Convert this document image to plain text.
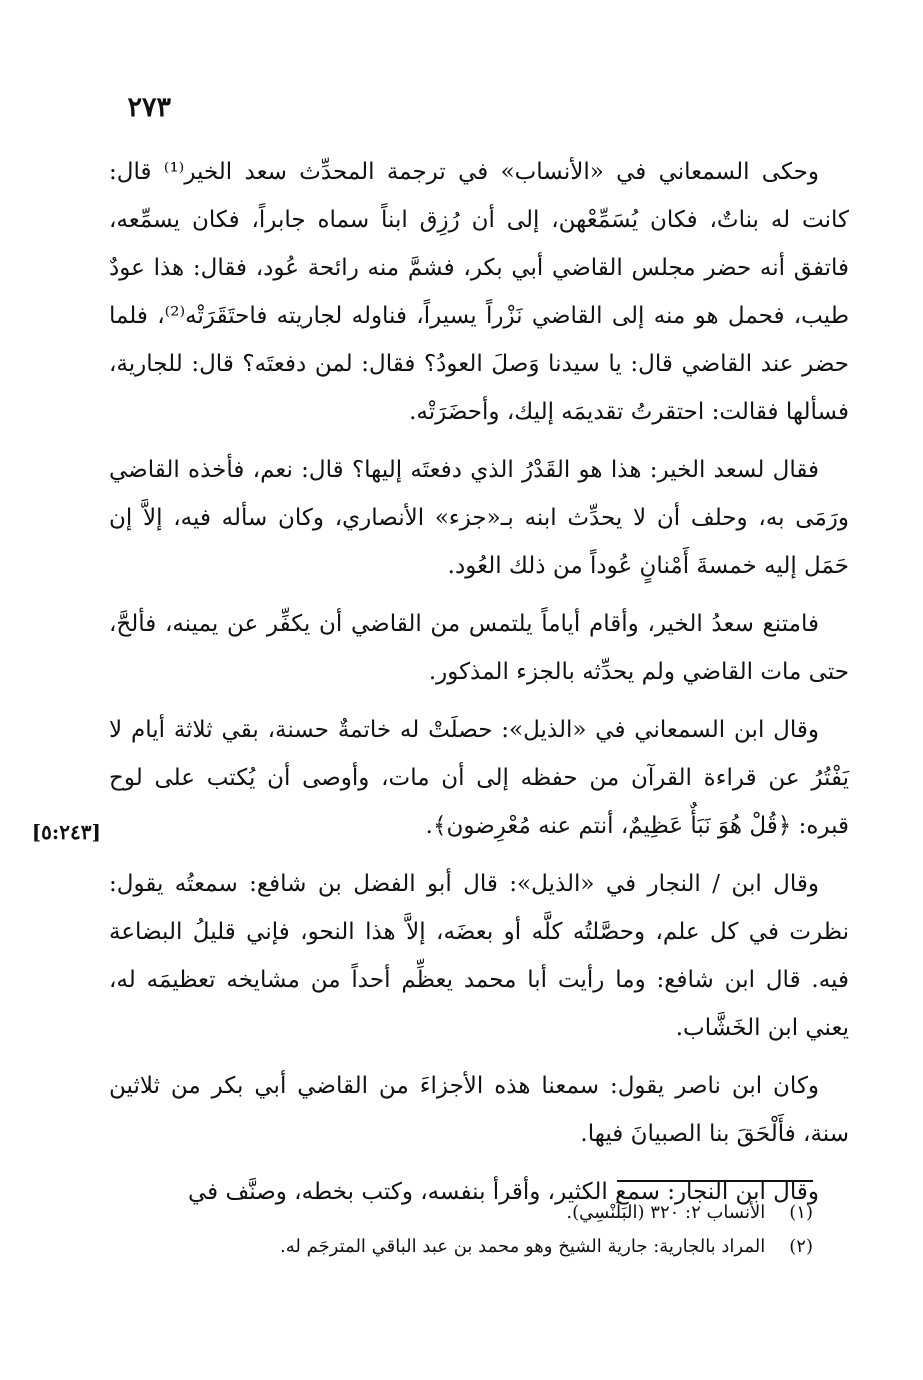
٢٧٣
[٥:٢٤٣]

وحكى السمعاني في «الأنساب» في ترجمة المحدِّث سعد الخير⁽¹⁾ قال: كانت له بناتٌ، فكان يُسَمِّعْهن، إلى أن رُزِق ابناً سماه جابراً، فكان يسمِّعه، فاتفق أنه حضر مجلس القاضي أبي بكر، فشمَّ منه رائحة عُود، فقال: هذا عودٌ طيب، فحمل هو منه إلى القاضي نَزْراً يسيراً، فناوله لجاريته فاحتَقَرَتْه⁽²⁾، فلما حضر عند القاضي قال: يا سيدنا وَصلَ العودُ؟ فقال: لمن دفعتَه؟ قال: للجارية، فسألها فقالت: احتقرتُ تقديمَه إليك، وأحضَرَتْه.

فقال لسعد الخير: هذا هو القَدْرُ الذي دفعتَه إليها؟ قال: نعم، فأخذه القاضي ورَمَى به، وحلف أن لا يحدِّث ابنه بـ«جزء» الأنصاري، وكان سأله فيه، إلاَّ إن حَمَل إليه خمسةَ أَمْنانٍ عُوداً من ذلك العُود.

فامتنع سعدُ الخير، وأقام أياماً يلتمس من القاضي أن يكفِّر عن يمينه، فألحَّ، حتى مات القاضي ولم يحدِّثه بالجزء المذكور.

وقال ابن السمعاني في «الذيل»: حصلَتْ له خاتمةٌ حسنة، بقي ثلاثة أيام لا يَفْتُرُ عن قراءة القرآن من حفظه إلى أن مات، وأوصى أن يُكتب على لوح قبره: ﴿قُلْ هُوَ نَبَأٌ عَظِيمٌ، أنتم عنه مُعْرِضون﴾.

وقال ابن / النجار في «الذيل»: قال أبو الفضل بن شافع: سمعتُه يقول: نظرت في كل علم، وحصَّلتُه كلَّه أو بعضَه، إلاَّ هذا النحو، فإني قليلُ البضاعة فيه. قال ابن شافع: وما رأيت أبا محمد يعظِّم أحداً من مشايخه تعظيمَه له، يعني ابن الخَشَّاب.

وكان ابن ناصر يقول: سمعنا هذه الأجزاءَ من القاضي أبي بكر من ثلاثين سنة، فأَلْحَقَ بنا الصبيانَ فيها.

وقال ابن النجار: سمع الكثير، وأقرأ بنفسه، وكتب بخطه، وصنَّف في

(١) الأنساب ٢: ٣٢٠ (البَلَنْسِي).

(٢) المراد بالجارية: جارية الشيخ وهو محمد بن عبد الباقي المترجَم له.
